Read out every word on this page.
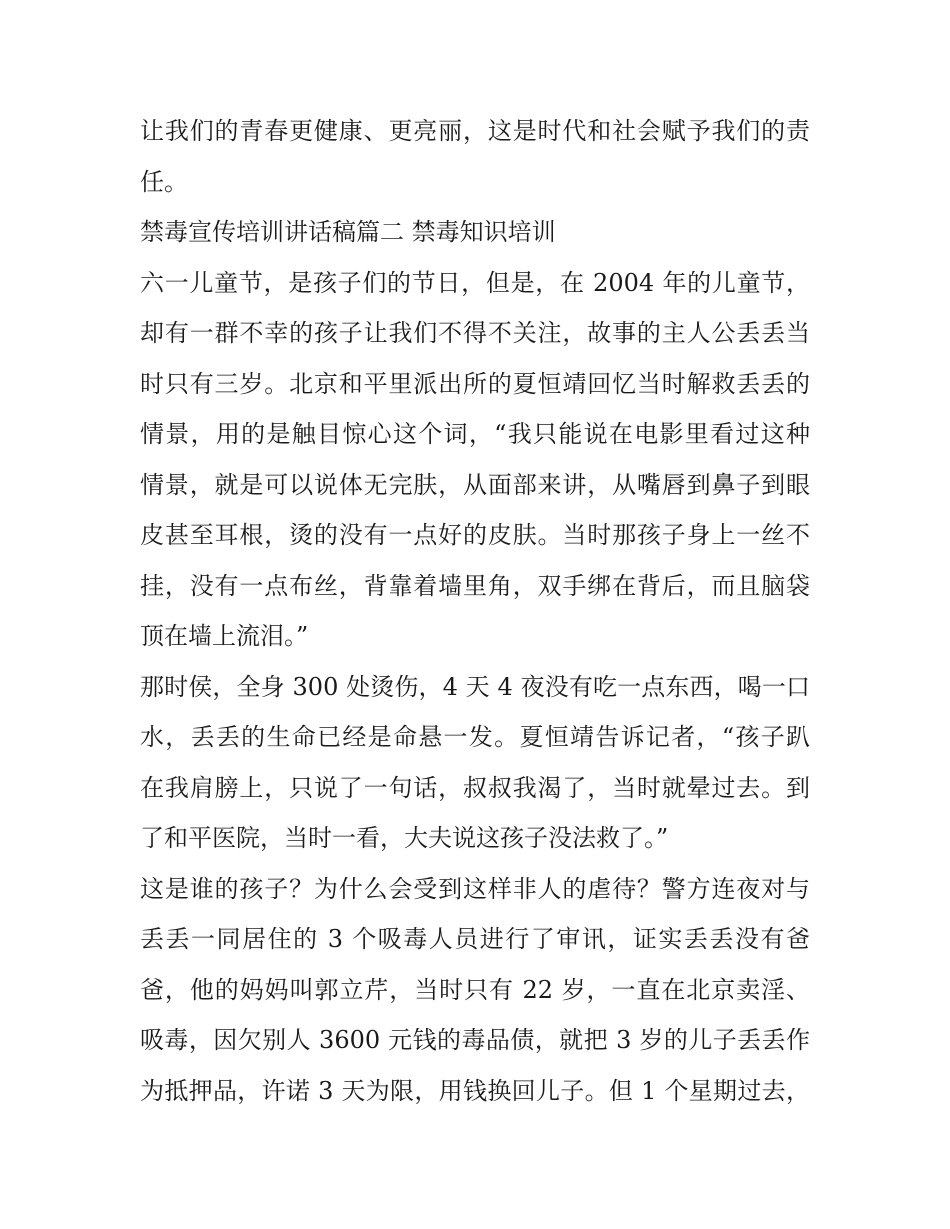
让我们的青春更健康、更亮丽，这是时代和社会赋予我们的责
任。
禁毒宣传培训讲话稿篇二 禁毒知识培训
六一儿童节，是孩子们的节日，但是，在 2004 年的儿童节，
却有一群不幸的孩子让我们不得不关注，故事的主人公丢丢当
时只有三岁。北京和平里派出所的夏恒靖回忆当时解救丢丢的
情景，用的是触目惊心这个词，“我只能说在电影里看过这种
情景，就是可以说体无完肤，从面部来讲，从嘴唇到鼻子到眼
皮甚至耳根，烫的没有一点好的皮肤。当时那孩子身上一丝不
挂，没有一点布丝，背靠着墙里角，双手绑在背后，而且脑袋
顶在墙上流泪。”
那时侯，全身 300 处烫伤，4 天 4 夜没有吃一点东西，喝一口
水，丢丢的生命已经是命悬一发。夏恒靖告诉记者，“孩子趴
在我肩膀上，只说了一句话，叔叔我渴了，当时就晕过去。到
了和平医院，当时一看，大夫说这孩子没法救了。”
这是谁的孩子？为什么会受到这样非人的虐待？警方连夜对与
丢丢一同居住的 3 个吸毒人员进行了审讯，证实丢丢没有爸
爸，他的妈妈叫郭立芹，当时只有 22 岁，一直在北京卖淫、
吸毒，因欠别人 3600 元钱的毒品债，就把 3 岁的儿子丢丢作
为抵押品，许诺 3 天为限，用钱换回儿子。但 1 个星期过去，
